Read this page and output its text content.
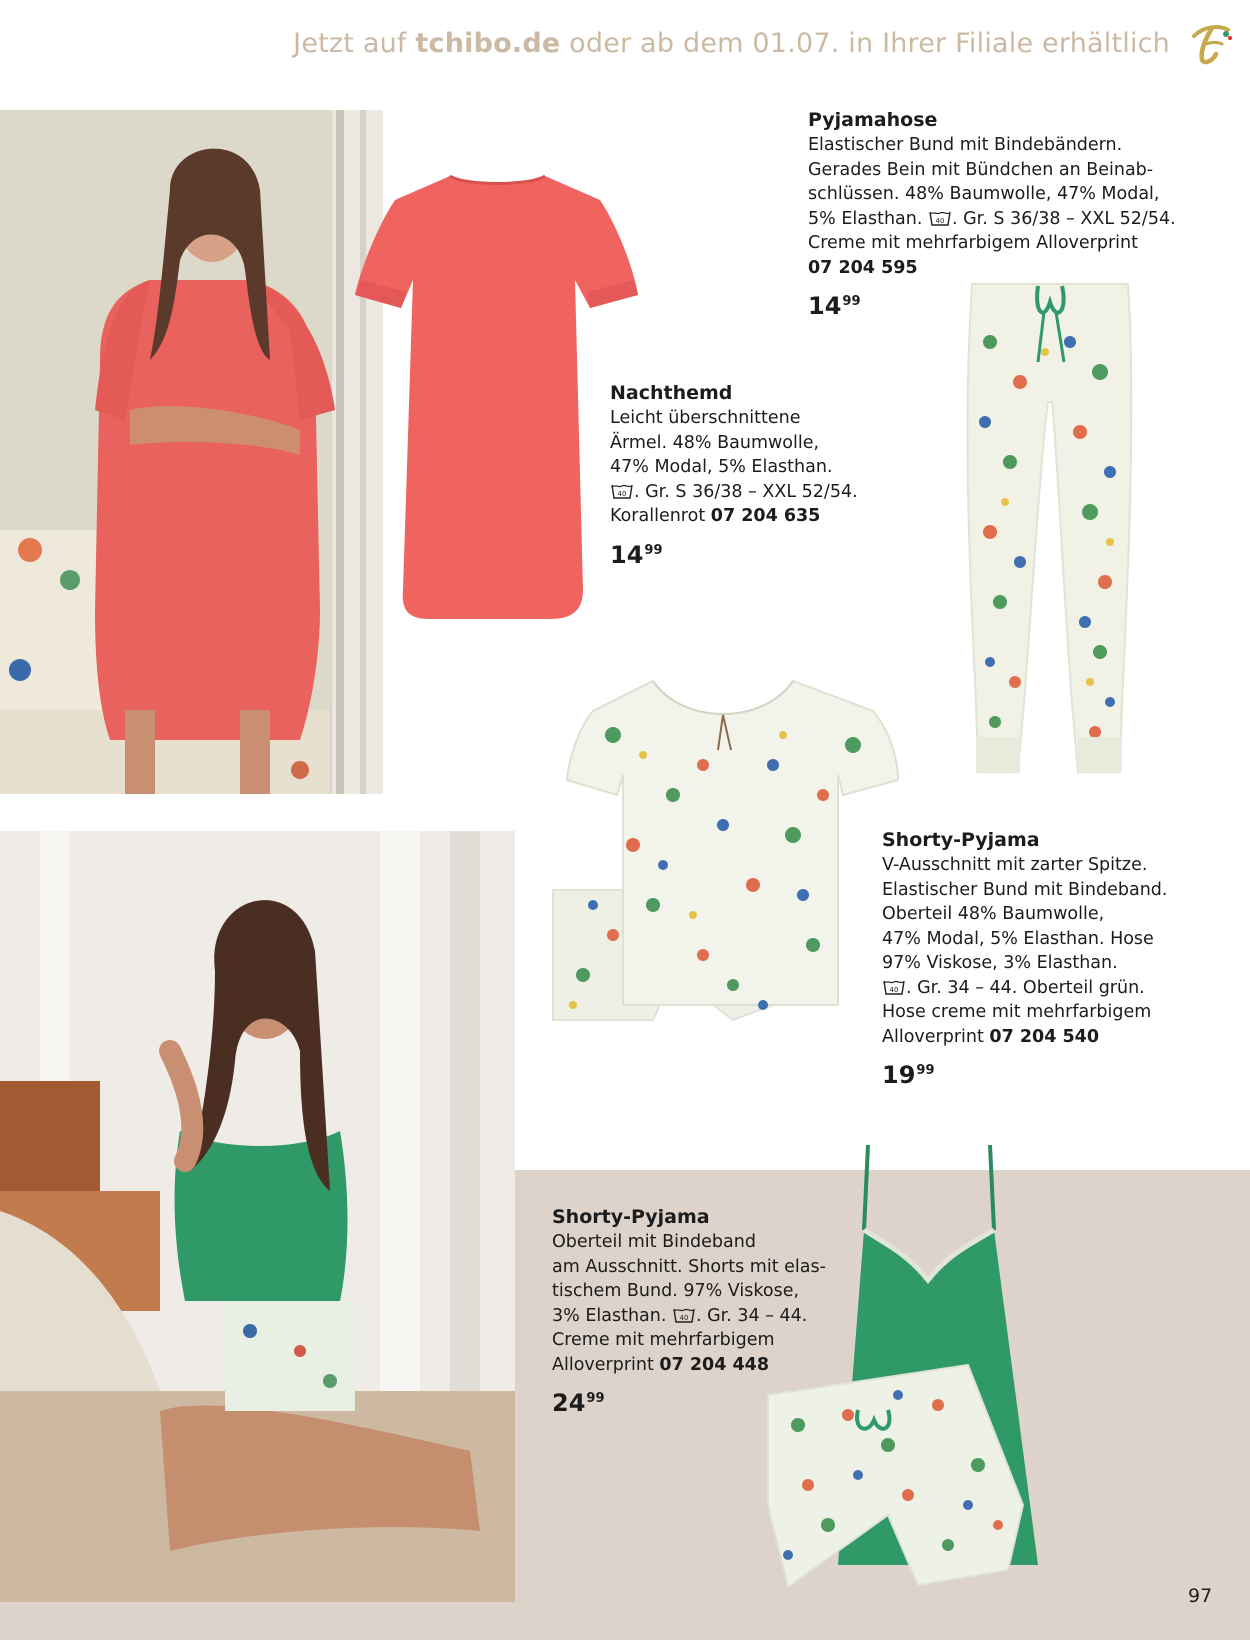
Jetzt auf tchibo.de oder ab dem 01.07. in Ihrer Filiale erhältlich
Pyjamahose
Elastischer Bund mit Bindebändern.
Gerades Bein mit Bündchen an Beinab-
schlüssen. 48% Baumwolle, 47% Modal,
5% Elasthan. 40 . Gr. S 36/38 – XXL 52/54.
Creme mit mehrfarbigem Alloverprint
07 204 595
$14^{99}$
Nachthemd
Leicht überschnittene
Ärmel. 48% Baumwolle,
47% Modal, 5% Elasthan.
40 . Gr. S 36/38 – XXL 52/54.
Korallenrot 07 204 635
$14^{99}$
Shorty-Pyjama
V-Ausschnitt mit zarter Spitze.
Elastischer Bund mit Bindeband.
Oberteil 48% Baumwolle,
47% Modal, 5% Elasthan. Hose
97% Viskose, 3% Elasthan.
40 . Gr. 34 – 44. Oberteil grün.
Hose creme mit mehrfarbigem
Alloverprint 07 204 540
$19^{99}$
Shorty-Pyjama
Oberteil mit Bindeband
am Ausschnitt. Shorts mit elas-
tischem Bund. 97% Viskose,
3% Elasthan. 40 . Gr. 34 – 44.
Creme mit mehrfarbigem
Alloverprint 07 204 448
$24^{99}$
97
